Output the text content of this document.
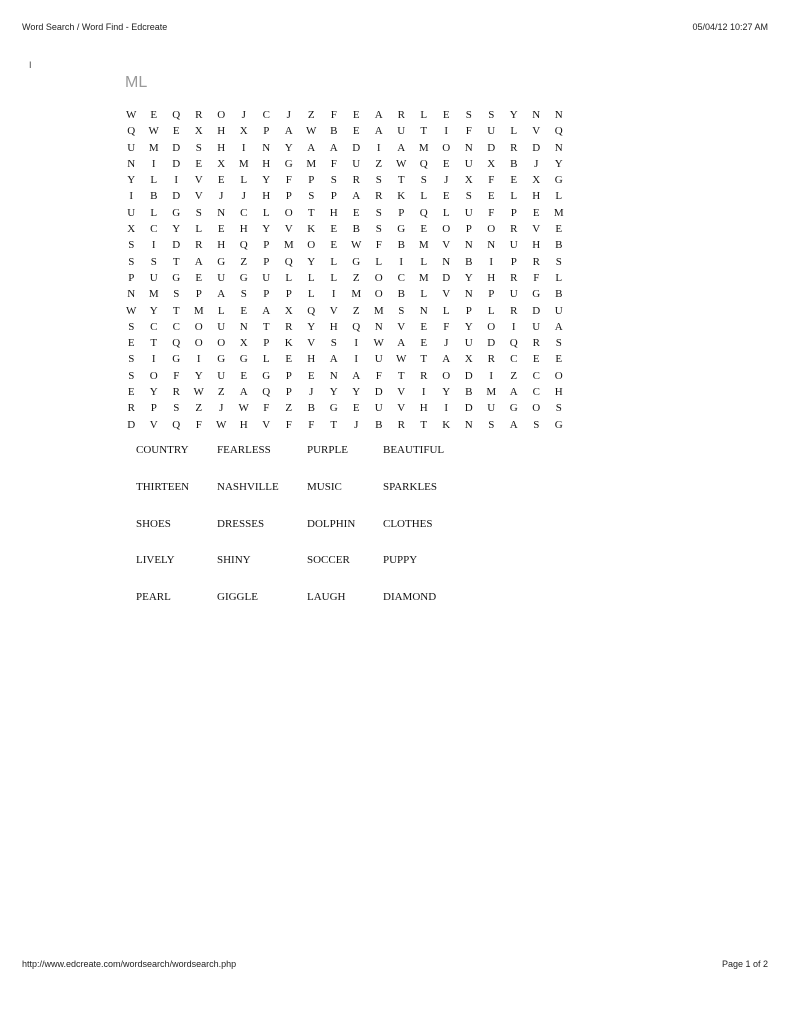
Word Search / Word Find - Edcreate	05/04/12 10:27 AM
I
ML
W	E	Q	R	O	J	C	J	Z	F	E	A	R	L	E	S	S	Y	N	N
Q	W	E	X	H	X	P	A	W	B	E	A	U	T	I	F	U	L	V	Q
U	M	D	S	H	I	N	Y	A	A	D	I	A	M	O	N	D	R	D	N
N	I	D	E	X	M	H	G	M	F	U	Z	W	Q	E	U	X	B	J	Y
Y	L	I	V	E	L	Y	F	P	S	R	S	T	S	J	X	F	E	X	G
I	B	D	V	J	J	H	P	S	P	A	R	K	L	E	S	E	L	H	L
U	L	G	S	N	C	L	O	T	H	E	S	P	Q	L	U	F	P	E	M
X	C	Y	L	E	H	Y	V	K	E	B	S	G	E	O	P	O	R	V	E
S	I	D	R	H	Q	P	M	O	E	W	F	B	M	V	N	N	U	H	B
S	S	T	A	G	Z	P	Q	Y	L	G	L	I	L	N	B	I	P	R	S
P	U	G	E	U	G	U	L	L	L	Z	O	C	M	D	Y	H	R	F	L
N	M	S	P	A	S	P	P	L	I	M	O	B	L	V	N	P	U	G	B
W	Y	T	M	L	E	A	X	Q	V	Z	M	S	N	L	P	L	R	D	U
S	C	C	O	U	N	T	R	Y	H	Q	N	V	E	F	Y	O	I	U	A
E	T	Q	O	O	X	P	K	V	S	I	W	A	E	J	U	D	Q	R	S
S	I	G	I	G	G	L	E	H	A	I	U	W	T	A	X	R	C	E	E
S	O	F	Y	U	E	G	P	E	N	A	F	T	R	O	D	I	Z	C	O
E	Y	R	W	Z	A	Q	P	J	Y	Y	D	V	I	Y	B	M	A	C	H
R	P	S	Z	J	W	F	Z	B	G	E	U	V	H	I	D	U	G	O	S
D	V	Q	F	W	H	V	F	F	T	J	B	R	T	K	N	S	A	S	G
COUNTRY	FEARLESS	PURPLE	BEAUTIFUL
THIRTEEN	NASHVILLE	MUSIC	SPARKLES
SHOES	DRESSES	DOLPHIN	CLOTHES
LIVELY	SHINY	SOCCER	PUPPY
PEARL	GIGGLE	LAUGH	DIAMOND
http://www.edcreate.com/wordsearch/wordsearch.php	Page 1 of 2
